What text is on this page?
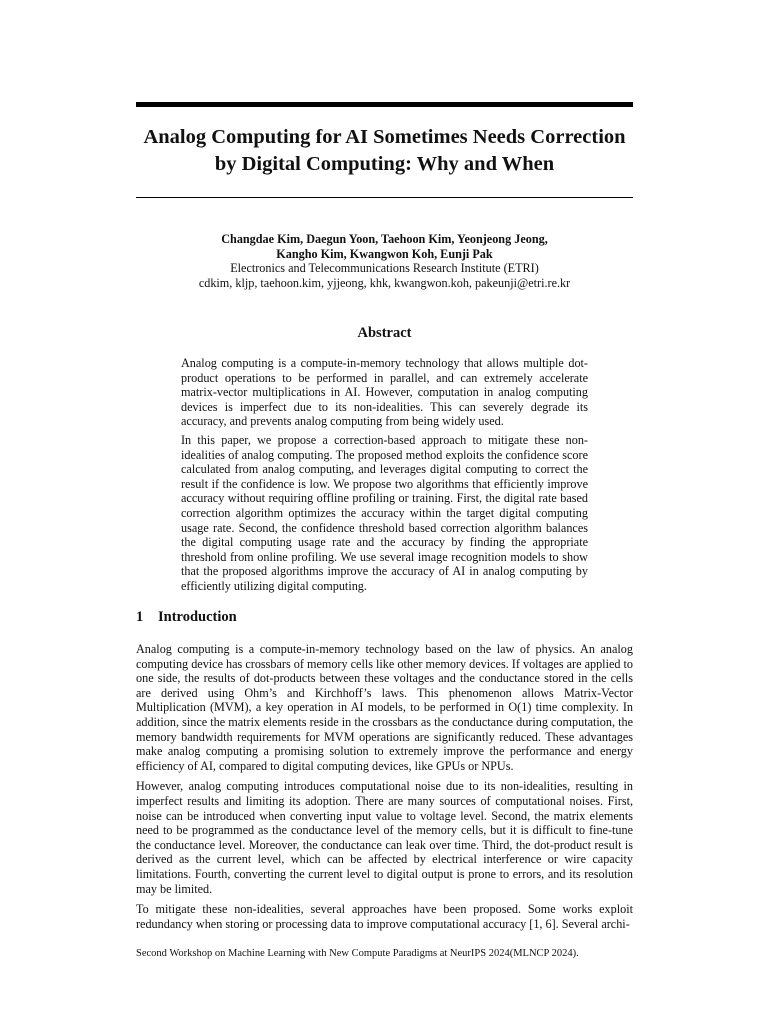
Analog Computing for AI Sometimes Needs Correction by Digital Computing: Why and When
Changdae Kim, Daegun Yoon, Taehoon Kim, Yeonjeong Jeong,
Kangho Kim, Kwangwon Koh, Eunji Pak
Electronics and Telecommunications Research Institute (ETRI)
cdkim, kljp, taehoon.kim, yjjeong, khk, kwangwon.koh, pakeunji@etri.re.kr
Abstract

Analog computing is a compute-in-memory technology that allows multiple dot-product operations to be performed in parallel, and can extremely accelerate matrix-vector multiplications in AI. However, computation in analog computing devices is imperfect due to its non-idealities. This can severely degrade its accuracy, and prevents analog computing from being widely used.

In this paper, we propose a correction-based approach to mitigate these non-idealities of analog computing. The proposed method exploits the confidence score calculated from analog computing, and leverages digital computing to correct the result if the confidence is low. We propose two algorithms that efficiently improve accuracy without requiring offline profiling or training. First, the digital rate based correction algorithm optimizes the accuracy within the target digital computing usage rate. Second, the confidence threshold based correction algorithm balances the digital computing usage rate and the accuracy by finding the appropriate threshold from online profiling. We use several image recognition models to show that the proposed algorithms improve the accuracy of AI in analog computing by efficiently utilizing digital computing.

1 Introduction

Analog computing is a compute-in-memory technology based on the law of physics. An analog computing device has crossbars of memory cells like other memory devices. If voltages are applied to one side, the results of dot-products between these voltages and the conductance stored in the cells are derived using Ohm’s and Kirchhoff’s laws. This phenomenon allows Matrix-Vector Multiplication (MVM), a key operation in AI models, to be performed in O(1) time complexity. In addition, since the matrix elements reside in the crossbars as the conductance during computation, the memory bandwidth requirements for MVM operations are significantly reduced. These advantages make analog computing a promising solution to extremely improve the performance and energy efficiency of AI, compared to digital computing devices, like GPUs or NPUs.

However, analog computing introduces computational noise due to its non-idealities, resulting in imperfect results and limiting its adoption. There are many sources of computational noises. First, noise can be introduced when converting input value to voltage level. Second, the matrix elements need to be programmed as the conductance level of the memory cells, but it is difficult to fine-tune the conductance level. Moreover, the conductance can leak over time. Third, the dot-product result is derived as the current level, which can be affected by electrical interference or wire capacity limitations. Fourth, converting the current level to digital output is prone to errors, and its resolution may be limited.

To mitigate these non-idealities, several approaches have been proposed. Some works exploit redundancy when storing or processing data to improve computational accuracy [1, 6]. Several archi-

Second Workshop on Machine Learning with New Compute Paradigms at NeurIPS 2024(MLNCP 2024).
